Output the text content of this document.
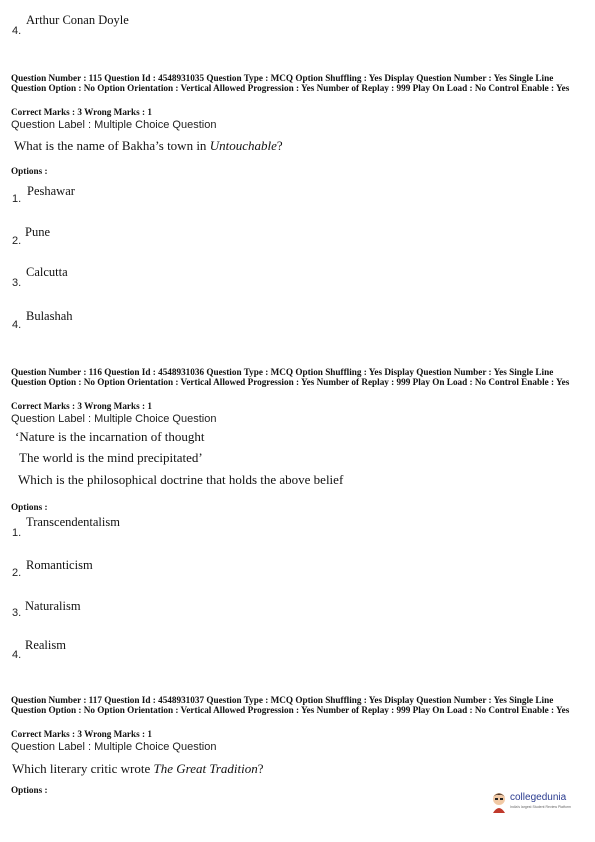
Arthur Conan Doyle
4.
Question Number : 115 Question Id : 4548931035 Question Type : MCQ Option Shuffling : Yes Display Question Number : Yes Single Line Question Option : No Option Orientation : Vertical Allowed Progression : Yes Number of Replay : 999 Play On Load : No Control Enable : Yes
Correct Marks : 3 Wrong Marks : 1
Question Label : Multiple Choice Question
What is the name of Bakha’s town in Untouchable?
Options :
Peshawar
1.
Pune
2.
Calcutta
3.
Bulashah
4.
Question Number : 116 Question Id : 4548931036 Question Type : MCQ Option Shuffling : Yes Display Question Number : Yes Single Line Question Option : No Option Orientation : Vertical Allowed Progression : Yes Number of Replay : 999 Play On Load : No Control Enable : Yes
Correct Marks : 3 Wrong Marks : 1
Question Label : Multiple Choice Question
‘Nature is the incarnation of thought
The world is the mind precipitated’
Which is the philosophical doctrine that holds the above belief
Options :
Transcendentalism
1.
Romanticism
2.
Naturalism
3.
Realism
4.
Question Number : 117 Question Id : 4548931037 Question Type : MCQ Option Shuffling : Yes Display Question Number : Yes Single Line Question Option : No Option Orientation : Vertical Allowed Progression : Yes Number of Replay : 999 Play On Load : No Control Enable : Yes
Correct Marks : 3 Wrong Marks : 1
Question Label : Multiple Choice Question
Which literary critic wrote The Great Tradition?
Options :
collegedunia
India's largest Student Review Platform
